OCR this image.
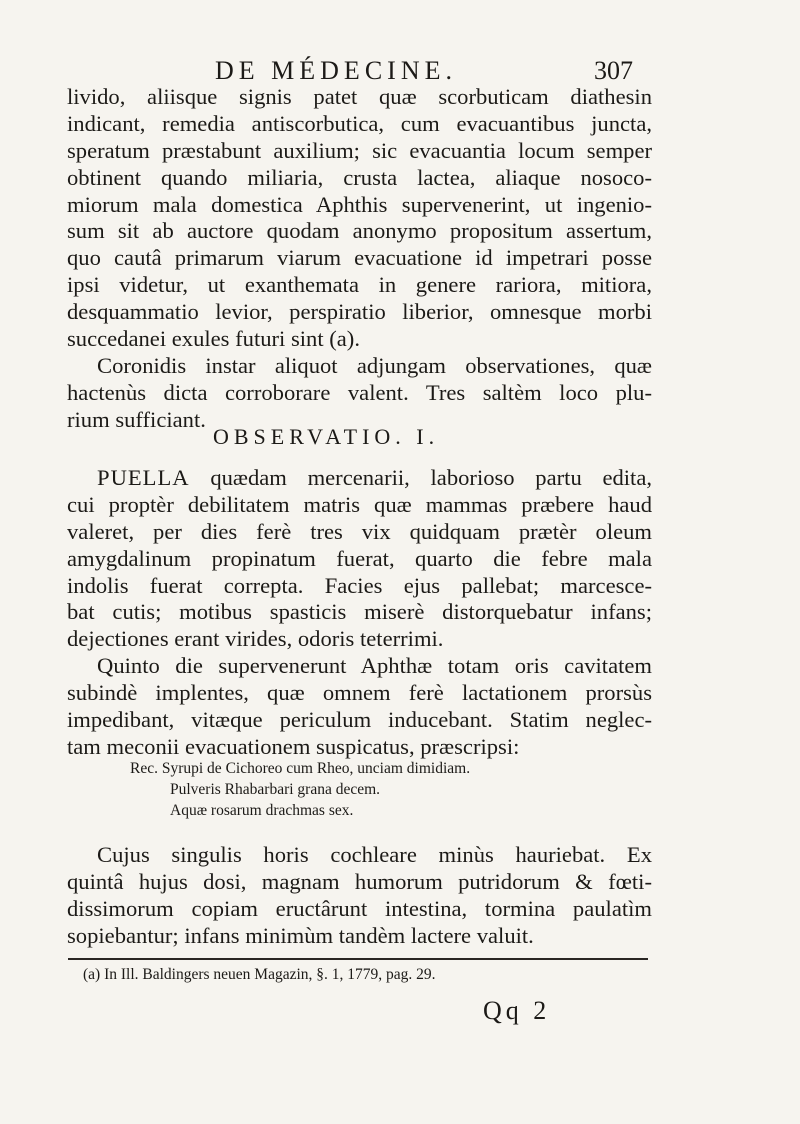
DE MÉDECINE.	307
livido, aliisque signis patet quæ scorbuticam diathesin
indicant, remedia antiscorbutica, cum evacuantibus juncta,
speratum præstabunt auxilium; sic evacuantia locum semper
obtinent quando miliaria, crusta lactea, aliaque nosoco-
miorum mala domestica Aphthis supervenerint, ut ingenio-
sum sit ab auctore quodam anonymo propositum assertum,
quo cautâ primarum viarum evacuatione id impetrari posse
ipsi videtur, ut exanthemata in genere rariora, mitiora,
desquammatio levior, perspiratio liberior, omnesque morbi
succedanei exules futuri sint (a).
Coronidis instar aliquot adjungam observationes, quæ
hactenùs dicta corroborare valent. Tres saltèm loco plu-
rium sufficiant.
OBSERVATIO. I.
PUELLA quædam mercenarii, laborioso partu edita,
cui proptèr debilitatem matris quæ mammas præbere haud
valeret, per dies ferè tres vix quidquam prætèr oleum
amygdalinum propinatum fuerat, quarto die febre mala
indolis fuerat correpta. Facies ejus pallebat; marcesce-
bat cutis; motibus spasticis miserè distorquebatur infans;
dejectiones erant virides, odoris teterrimi.
Quinto die supervenerunt Aphthæ totam oris cavitatem
subindè implentes, quæ omnem ferè lactationem prorsùs
impedibant, vitæque periculum inducebant. Statim neglec-
tam meconii evacuationem suspicatus, præscripsi:
Rec. Syrupi de Cichoreo cum Rheo, unciam dimidiam.
Pulveris Rhabarbari grana decem.
Aquæ rosarum drachmas sex.
Cujus singulis horis cochleare minùs hauriebat. Ex
quintâ hujus dosi, magnam humorum putridorum & fœti-
dissimorum copiam eructârunt intestina, tormina paulatìm
sopiebantur; infans minimùm tandèm lactere valuit.
(a) In Ill. Baldingers neuen Magazin, §. 1, 1779, pag. 29.
Qq 2
